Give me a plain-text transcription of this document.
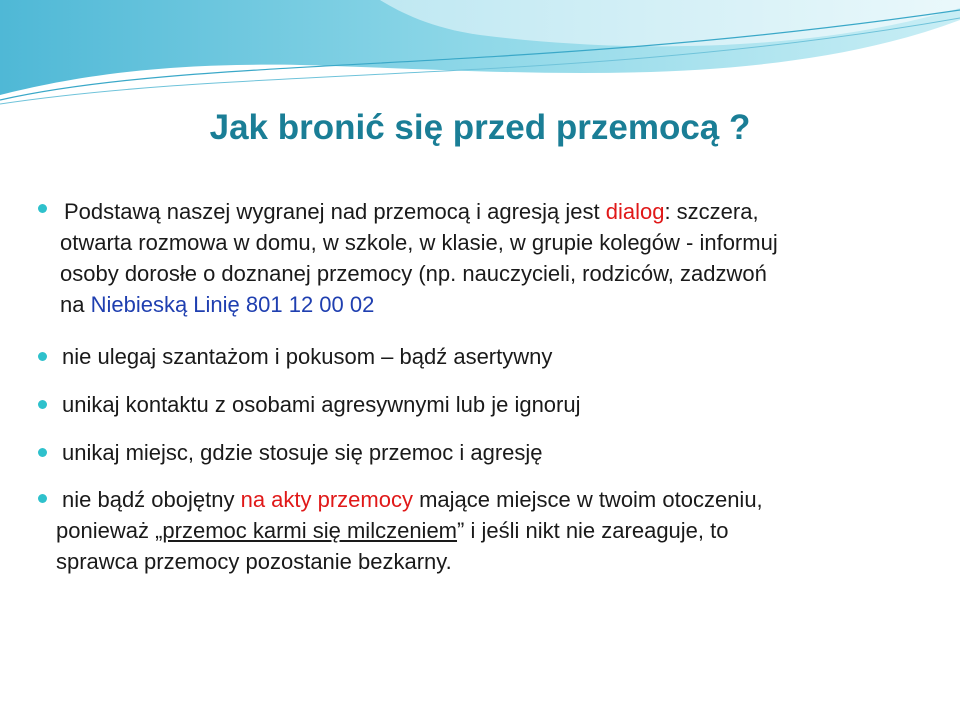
Jak bronić się przed przemocą ?

Podstawą naszej wygranej nad przemocą i agresją jest dialog: szczera,
otwarta rozmowa w domu, w szkole, w klasie, w grupie kolegów - informuj
osoby dorosłe o doznanej przemocy (np. nauczycieli, rodziców, zadzwoń
na Niebieską Linię 801 12 00 02

nie ulegaj szantażom i pokusom – bądź asertywny

unikaj kontaktu z osobami agresywnymi lub je ignoruj

unikaj miejsc, gdzie stosuje się przemoc i agresję

nie bądź obojętny na akty przemocy mające miejsce w twoim otoczeniu,
ponieważ „przemoc karmi się milczeniem” i jeśli nikt nie zareaguje, to
sprawca przemocy pozostanie bezkarny.
